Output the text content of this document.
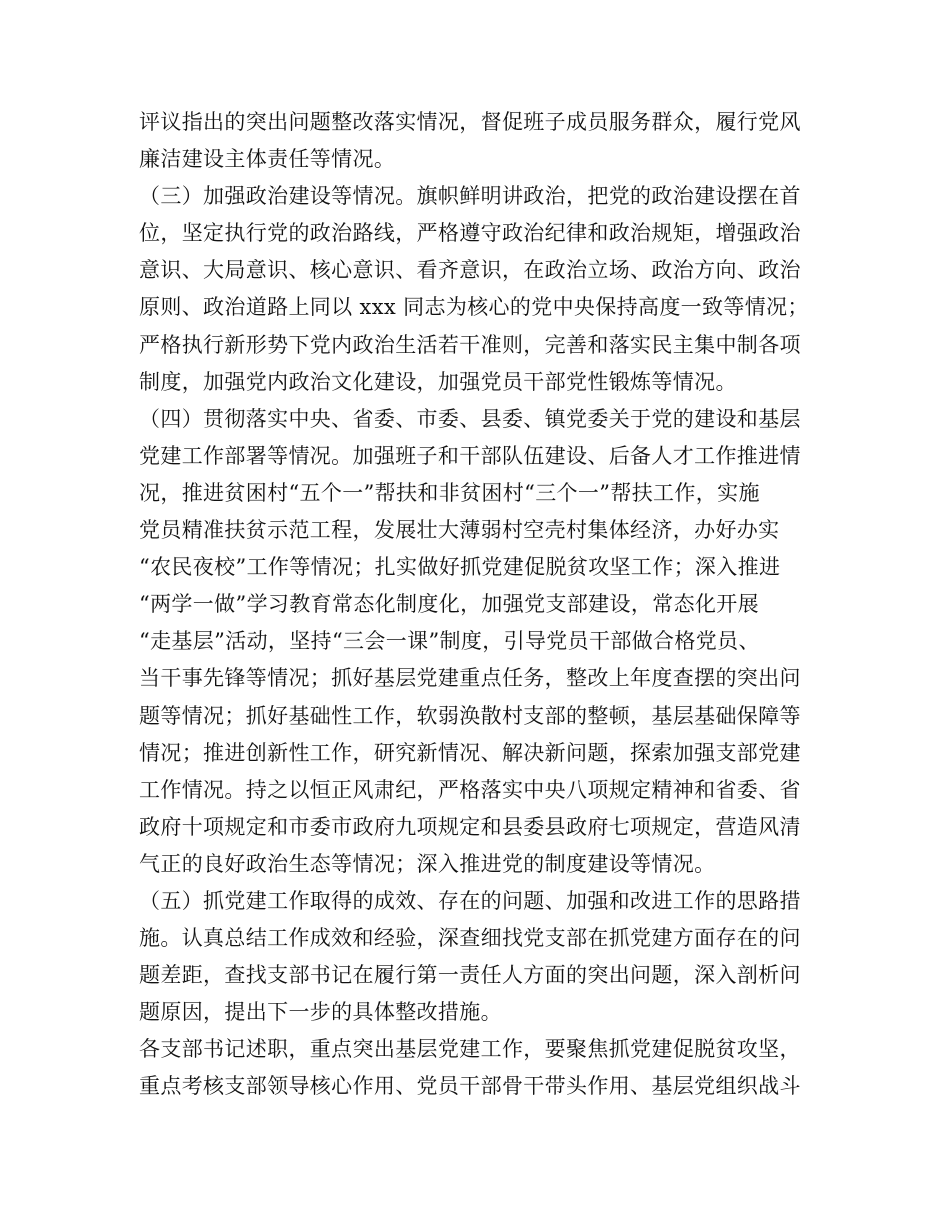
评议指出的突出问题整改落实情况，督促班子成员服务群众，履行党风
廉洁建设主体责任等情况。
（三）加强政治建设等情况。旗帜鲜明讲政治，把党的政治建设摆在首
位，坚定执行党的政治路线，严格遵守政治纪律和政治规矩，增强政治
意识、大局意识、核心意识、看齐意识，在政治立场、政治方向、政治
原则、政治道路上同以 xxx 同志为核心的党中央保持高度一致等情况；
严格执行新形势下党内政治生活若干准则，完善和落实民主集中制各项
制度，加强党内政治文化建设，加强党员干部党性锻炼等情况。
（四）贯彻落实中央、省委、市委、县委、镇党委关于党的建设和基层
党建工作部署等情况。加强班子和干部队伍建设、后备人才工作推进情
况，推进贫困村“五个一”帮扶和非贫困村“三个一”帮扶工作，实施
党员精准扶贫示范工程，发展壮大薄弱村空壳村集体经济，办好办实
“农民夜校”工作等情况；扎实做好抓党建促脱贫攻坚工作；深入推进
“两学一做”学习教育常态化制度化，加强党支部建设，常态化开展
“走基层”活动，坚持“三会一课”制度，引导党员干部做合格党员、
当干事先锋等情况；抓好基层党建重点任务，整改上年度查摆的突出问
题等情况；抓好基础性工作，软弱涣散村支部的整顿，基层基础保障等
情况；推进创新性工作，研究新情况、解决新问题，探索加强支部党建
工作情况。持之以恒正风肃纪，严格落实中央八项规定精神和省委、省
政府十项规定和市委市政府九项规定和县委县政府七项规定，营造风清
气正的良好政治生态等情况；深入推进党的制度建设等情况。
（五）抓党建工作取得的成效、存在的问题、加强和改进工作的思路措
施。认真总结工作成效和经验，深查细找党支部在抓党建方面存在的问
题差距，查找支部书记在履行第一责任人方面的突出问题，深入剖析问
题原因，提出下一步的具体整改措施。
各支部书记述职，重点突出基层党建工作，要聚焦抓党建促脱贫攻坚，
重点考核支部领导核心作用、党员干部骨干带头作用、基层党组织战斗
